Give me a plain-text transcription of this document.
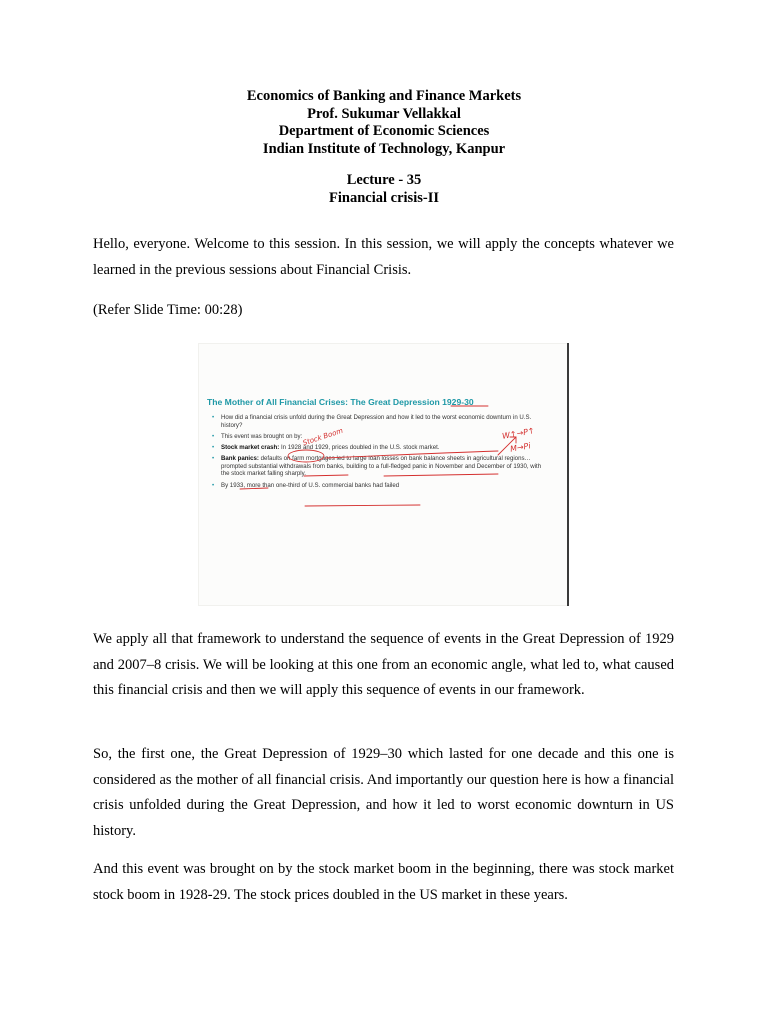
Economics of Banking and Finance Markets
Prof. Sukumar Vellakkal
Department of Economic Sciences
Indian Institute of Technology, Kanpur
Lecture - 35
Financial crisis-II

Hello, everyone. Welcome to this session. In this session, we will apply the concepts whatever we learned in the previous sessions about Financial Crisis.

(Refer Slide Time: 00:28)
The Mother of All Financial Crises: The Great Depression 1929-30
• How did a financial crisis unfold during the Great Depression and how it led to the worst economic downturn in U.S. history?
• This event was brought on by:
• Stock market crash: In 1928 and 1929, prices doubled in the U.S. stock market.
• Bank panics: defaults on farm mortgages led to large loan losses on bank balance sheets in agricultural regions… prompted substantial withdrawals from banks, building to a full-fledged panic in November and December of 1930, with the stock market falling sharply.
• By 1933, more than one-third of U.S. commercial banks had failed
Stock Boom	W↑→P↑
M→Pi

We apply all that framework to understand the sequence of events in the Great Depression of 1929 and 2007–8 crisis. We will be looking at this one from an economic angle, what led to, what caused this financial crisis and then we will apply this sequence of events in our framework.

So, the first one, the Great Depression of 1929–30 which lasted for one decade and this one is considered as the mother of all financial crisis. And importantly our question here is how a financial crisis unfolded during the Great Depression, and how it led to worst economic downturn in US history.

And this event was brought on by the stock market boom in the beginning, there was stock market stock boom in 1928-29. The stock prices doubled in the US market in these years.
